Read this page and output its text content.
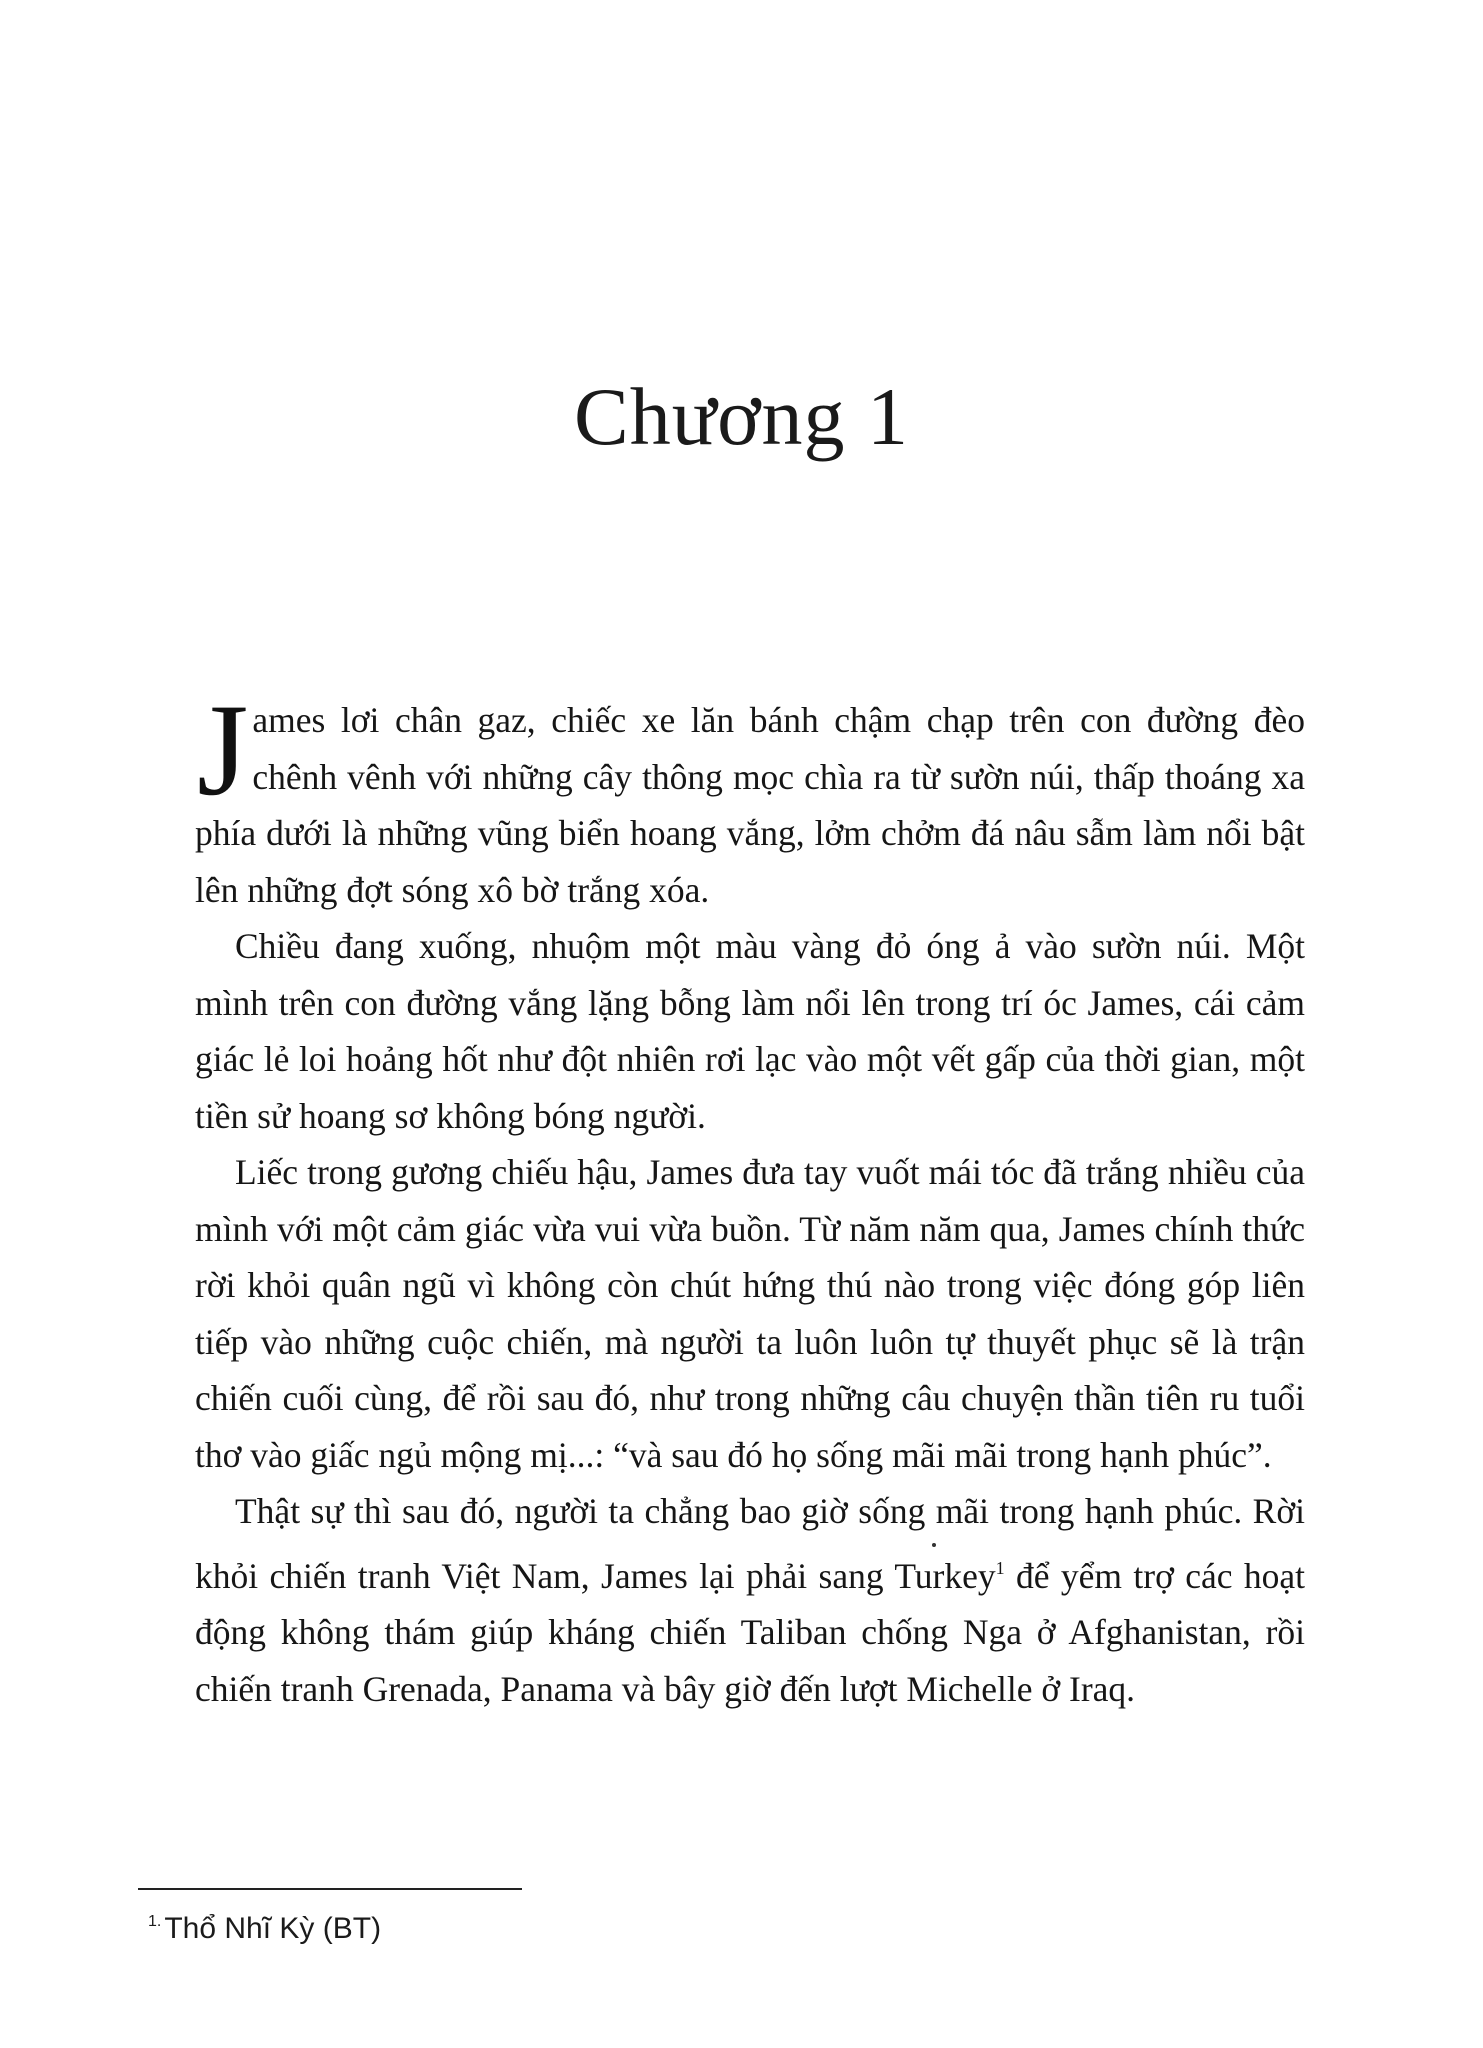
Chương 1

J ames lơi chân gaz, chiếc xe lăn bánh chậm chạp trên con đường đèo chênh vênh với những cây thông mọc chìa ra từ sườn núi, thấp thoáng xa phía dưới là những vũng biển hoang vắng, lởm chởm đá nâu sẫm làm nổi bật lên những đợt sóng xô bờ trắng xóa.

Chiều đang xuống, nhuộm một màu vàng đỏ óng ả vào sườn núi. Một mình trên con đường vắng lặng bỗng làm nổi lên trong trí óc James, cái cảm giác lẻ loi hoảng hốt như đột nhiên rơi lạc vào một vết gấp của thời gian, một tiền sử hoang sơ không bóng người.

Liếc trong gương chiếu hậu, James đưa tay vuốt mái tóc đã trắng nhiều của mình với một cảm giác vừa vui vừa buồn. Từ năm năm qua, James chính thức rời khỏi quân ngũ vì không còn chút hứng thú nào trong việc đóng góp liên tiếp vào những cuộc chiến, mà người ta luôn luôn tự thuyết phục sẽ là trận chiến cuối cùng, để rồi sau đó, như trong những câu chuyện thần tiên ru tuổi thơ vào giấc ngủ mộng mị...: “và sau đó họ sống mãi mãi trong hạnh phúc”.

Thật sự thì sau đó, người ta chẳng bao giờ sống mãi trong hạnh phúc. Rời khỏi chiến tranh Việt Nam, James lại phải sang Turkey$^1$ để yểm trợ các hoạt động không thám giúp kháng chiến Taliban chống Nga ở Afghanistan, rồi chiến tranh Grenada, Panama và bây giờ đến lượt Michelle ở Iraq.

$^{1.}$ Thổ Nhĩ Kỳ (BT)
